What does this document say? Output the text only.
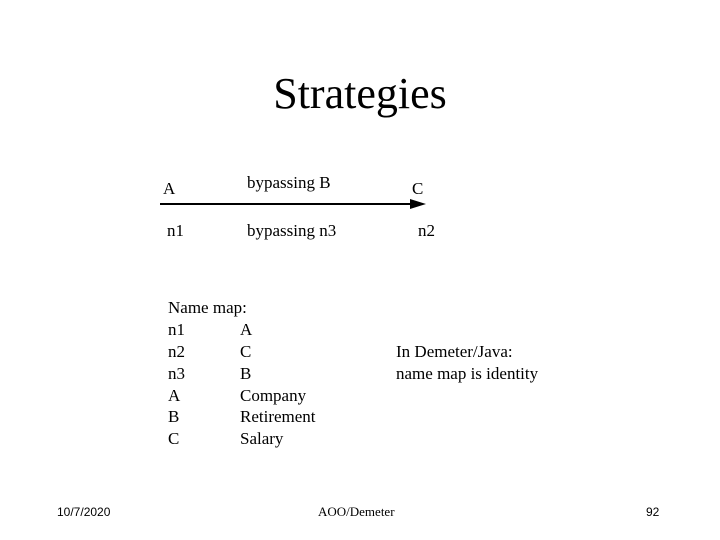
Strategies
A	bypassing B	C
n1	bypassing n3	n2
Name map:
n1	A
n2	C
n3	B
A	Company
B	Retirement
C	Salary
In Demeter/Java:
name map is identity
10/7/2020	AOO/Demeter	92
